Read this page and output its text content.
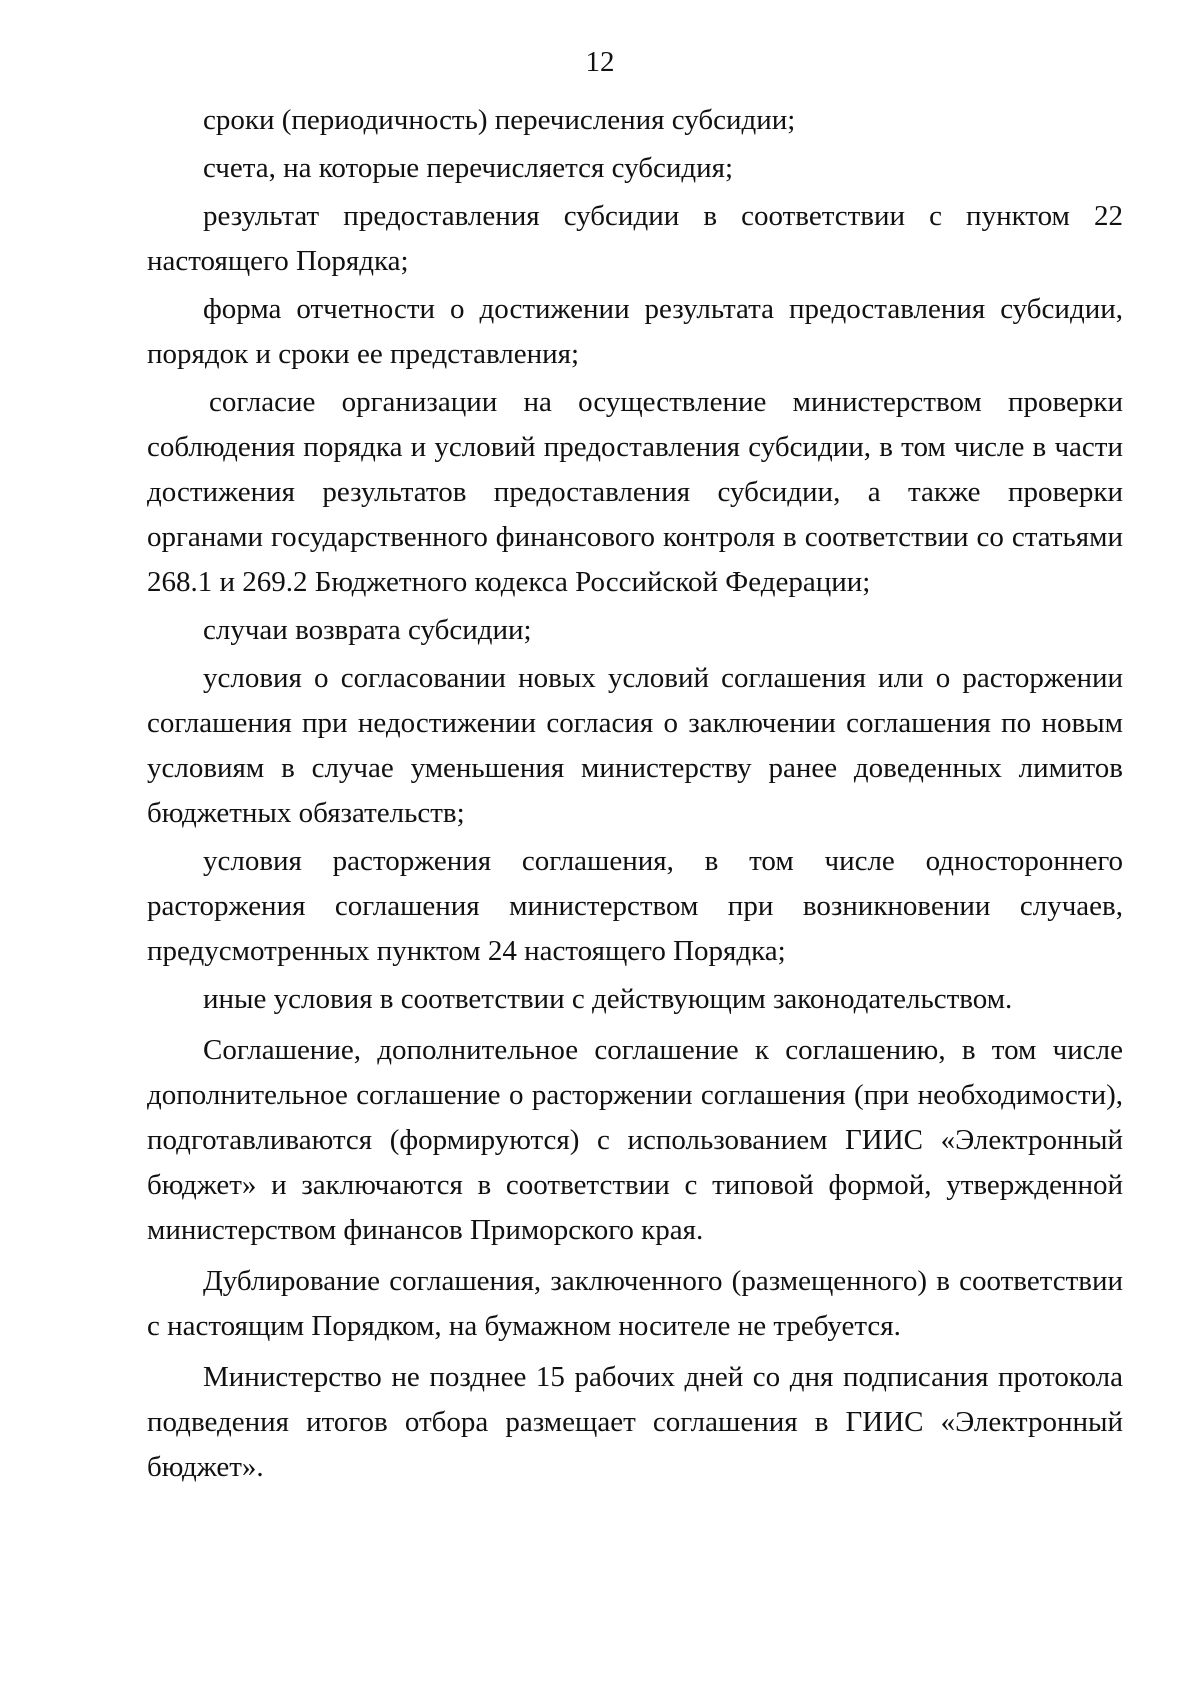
12

сроки (периодичность) перечисления субсидии;

счета, на которые перечисляется субсидия;

результат предоставления субсидии в соответствии с пунктом 22 настоящего Порядка;

форма отчетности о достижении результата предоставления субсидии, порядок и сроки ее представления;

согласие организации на осуществление министерством проверки соблюдения порядка и условий предоставления субсидии, в том числе в части достижения результатов предоставления субсидии, а также проверки органами государственного финансового контроля в соответствии со статьями 268.1 и 269.2 Бюджетного кодекса Российской Федерации;

случаи возврата субсидии;

условия о согласовании новых условий соглашения или о расторжении соглашения при недостижении согласия о заключении соглашения по новым условиям в случае уменьшения министерству ранее доведенных лимитов бюджетных обязательств;

условия расторжения соглашения, в том числе одностороннего расторжения соглашения министерством при возникновении случаев, предусмотренных пунктом 24 настоящего Порядка;

иные условия в соответствии с действующим законодательством.

Соглашение, дополнительное соглашение к соглашению, в том числе дополнительное соглашение о расторжении соглашения (при необходимости), подготавливаются (формируются) с использованием ГИИС «Электронный бюджет» и заключаются в соответствии с типовой формой, утвержденной министерством финансов Приморского края.

Дублирование соглашения, заключенного (размещенного) в соответствии с настоящим Порядком, на бумажном носителе не требуется.

Министерство не позднее 15 рабочих дней со дня подписания протокола подведения итогов отбора размещает соглашения в ГИИС «Электронный бюджет».
